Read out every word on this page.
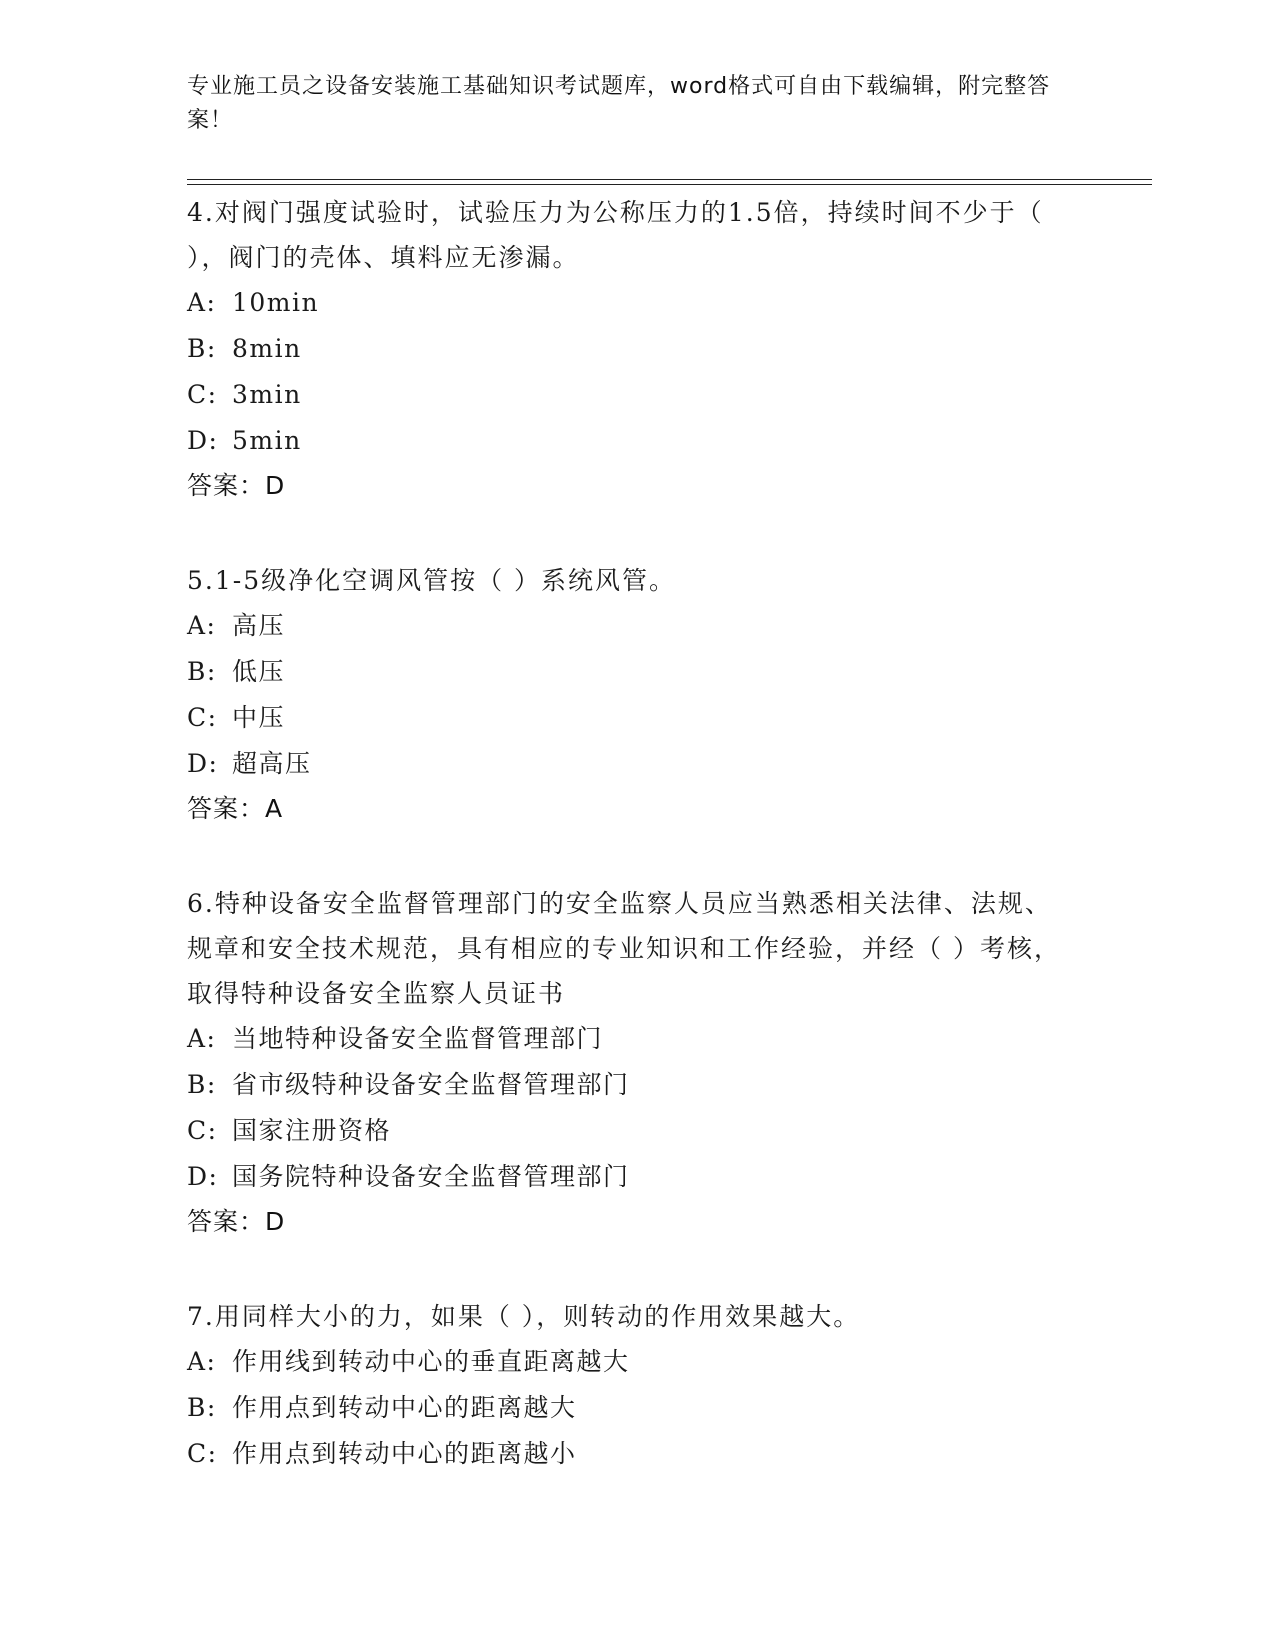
专业施工员之设备安装施工基础知识考试题库，word格式可自由下载编辑，附完整答案！

4.对阀门强度试验时，试验压力为公称压力的1.5倍，持续时间不少于（ ），阀门的壳体、填料应无渗漏。

A: 10min

B: 8min

C: 3min

D: 5min

答案：D

5.1-5级净化空调风管按（ ）系统风管。

A: 高压

B: 低压

C: 中压

D: 超高压

答案：A

6.特种设备安全监督管理部门的安全监察人员应当熟悉相关法律、法规、规章和安全技术规范，具有相应的专业知识和工作经验，并经（ ）考核，取得特种设备安全监察人员证书

A: 当地特种设备安全监督管理部门

B: 省市级特种设备安全监督管理部门

C: 国家注册资格

D: 国务院特种设备安全监督管理部门

答案：D

7.用同样大小的力，如果（ ），则转动的作用效果越大。

A: 作用线到转动中心的垂直距离越大

B: 作用点到转动中心的距离越大

C: 作用点到转动中心的距离越小
